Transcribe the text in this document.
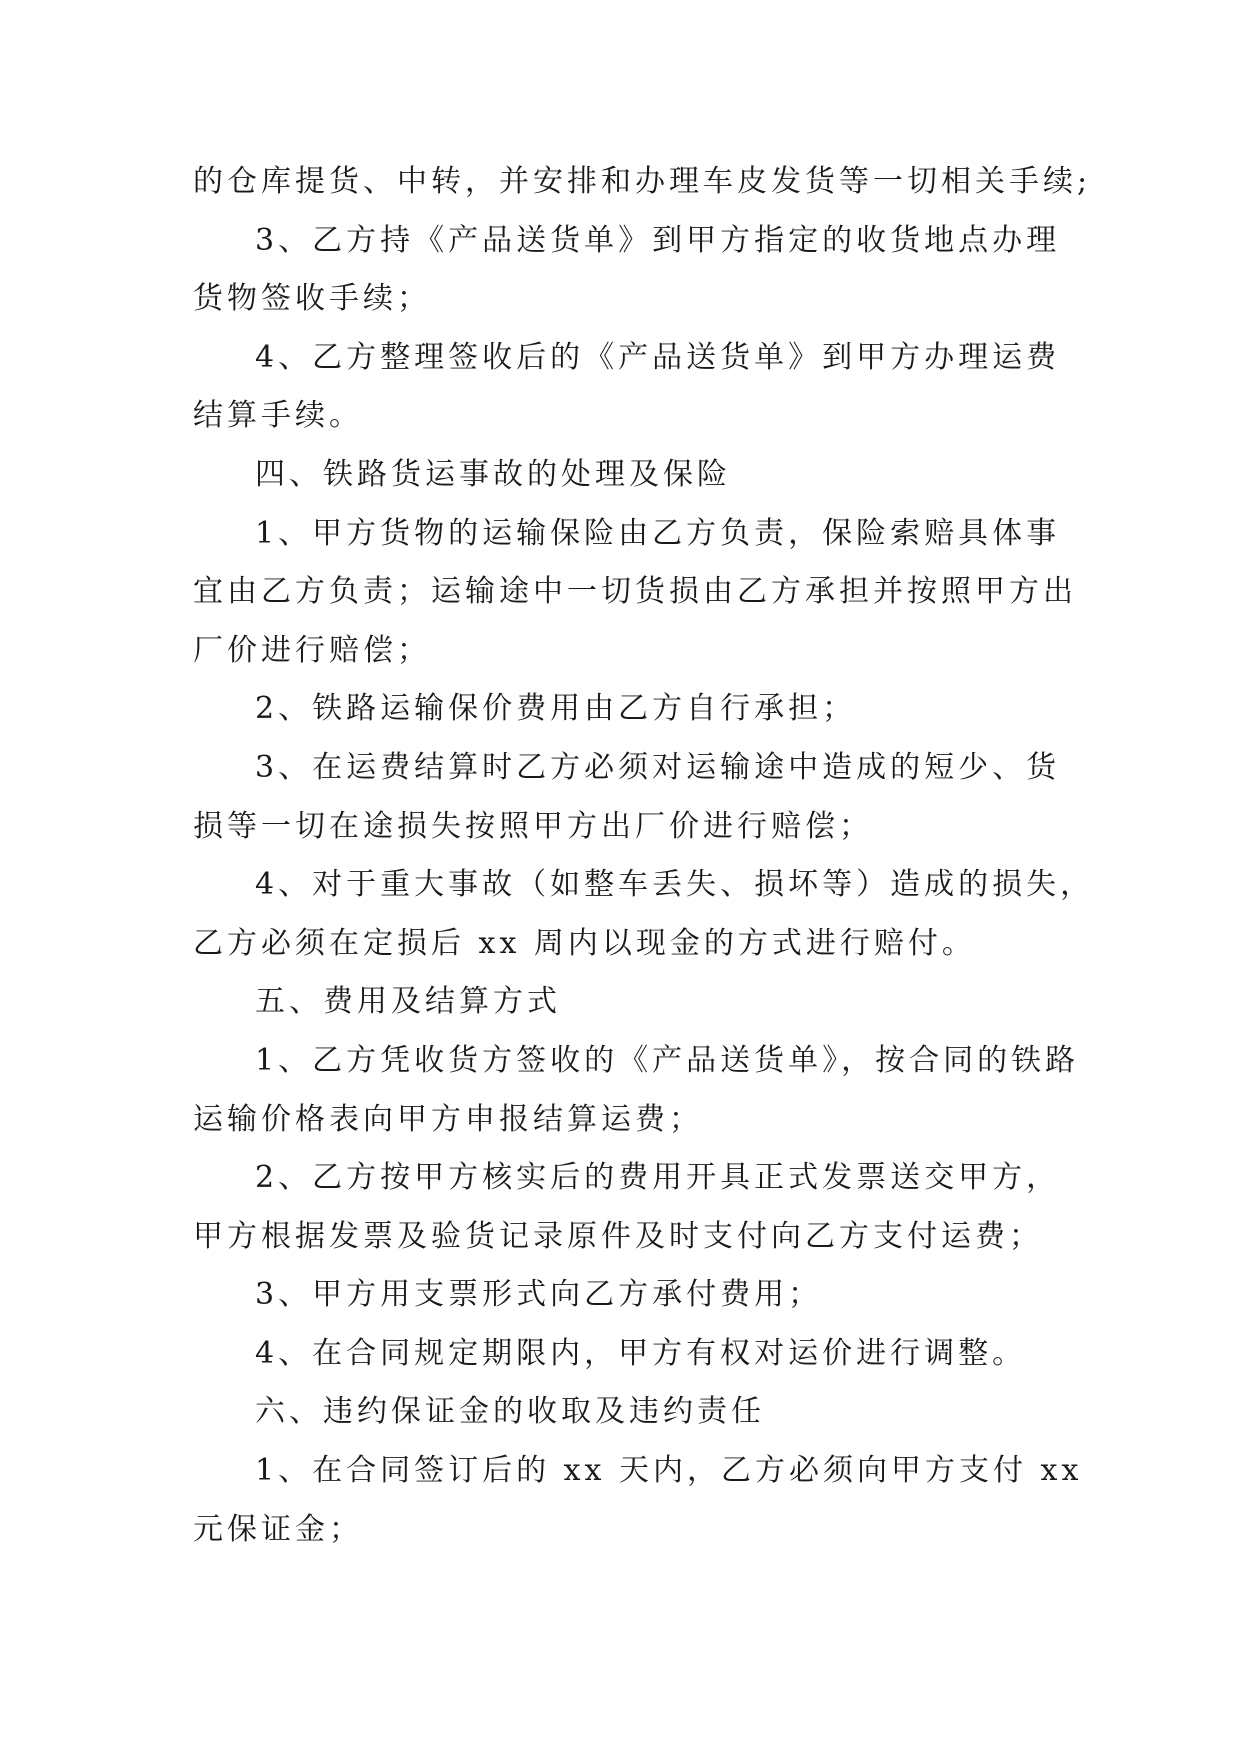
的仓库提货、中转，并安排和办理车皮发货等一切相关手续;
3、乙方持《产品送货单》到甲方指定的收货地点办理
货物签收手续；
4、乙方整理签收后的《产品送货单》到甲方办理运费
结算手续。
四、铁路货运事故的处理及保险
1、甲方货物的运输保险由乙方负责，保险索赔具体事
宜由乙方负责；运输途中一切货损由乙方承担并按照甲方出
厂价进行赔偿；
2、铁路运输保价费用由乙方自行承担；
3、在运费结算时乙方必须对运输途中造成的短少、货
损等一切在途损失按照甲方出厂价进行赔偿；
4、对于重大事故（如整车丢失、损坏等）造成的损失，
乙方必须在定损后 xx 周内以现金的方式进行赔付。
五、费用及结算方式
1、乙方凭收货方签收的《产品送货单》，按合同的铁路
运输价格表向甲方申报结算运费；
2、乙方按甲方核实后的费用开具正式发票送交甲方，
甲方根据发票及验货记录原件及时支付向乙方支付运费；
3、甲方用支票形式向乙方承付费用；
4、在合同规定期限内，甲方有权对运价进行调整。
六、违约保证金的收取及违约责任
1、在合同签订后的 xx 天内，乙方必须向甲方支付 xx
元保证金；
